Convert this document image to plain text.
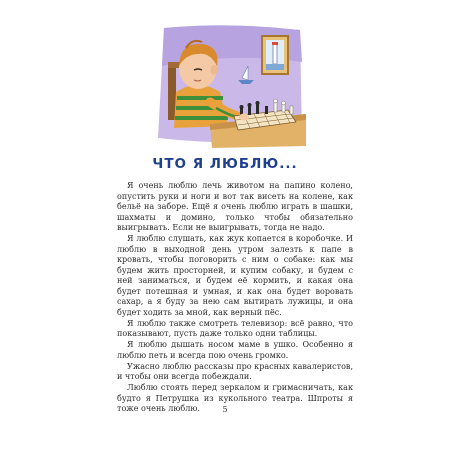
ЧТО Я ЛЮБЛЮ...

Я очень люблю лечь животом на папино колено, опустить руки и ноги и вот так висеть на колене, как бельё на заборе. Ещё я очень люблю играть в шашки, шахматы и домино, только чтобы обязательно выигрывать. Если не выигрывать, тогда не надо.

Я люблю слушать, как жук копается в коробочке. И люблю в выходной день утром залезть к папе в кровать, чтобы поговорить с ним о собаке: как мы будем жить просторней, и купим собаку, и будем с ней заниматься, и будем её кормить, и какая она будет потешная и умная, и как она будет воровать сахар, а я буду за нею сам вытирать лужицы, и она будет ходить за мной, как верный пёс.

Я люблю также смотреть телевизор: всё равно, что показывают, пусть даже только одни таблицы.

Я люблю дышать носом маме в ушко. Особенно я люблю петь и всегда пою очень громко.

Ужасно люблю рассказы про красных кавалеристов, и чтобы они всегда побеждали.

Люблю стоять перед зеркалом и гримасничать, как будто я Петрушка из кукольного театра. Шпроты я тоже очень люблю.	5
